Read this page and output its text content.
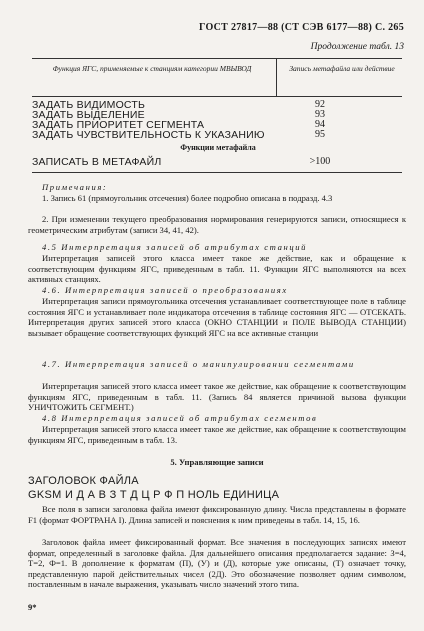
ГОСТ 27817—88 (СТ СЭВ 6177—88) С. 265
Продолжение табл. 13
Функция ЯГС, применяемые к станциям категории МВЫВОД	Запись метафайла или действие
ЗАДАТЬ ВИДИМОСТЬ	92
ЗАДАТЬ ВЫДЕЛЕНИЕ	93
ЗАДАТЬ ПРИОРИТЕТ СЕГМЕНТА	94
ЗАДАТЬ ЧУВСТВИТЕЛЬНОСТЬ К УКАЗАНИЮ	95
Функции метафайла
ЗАПИСАТЬ В МЕТАФАЙЛ	>100
Примечания:
1. Запись 61 (прямоугольник отсечения) более подробно описана в подразд. 4.3
2. При изменении текущего преобразования нормирования генерируются записи, относящиеся к геометрическим атрибутам (записи 34, 41, 42).
4.5 Интерпретация записей об атрибутах станций
Интерпретация записей этого класса имеет такое же действие, как и обращение к соответствующим функциям ЯГС, приведенным в табл. 11. Функции ЯГС выполняются на всех активных станциях.
4.6. Интерпретация записей о преобразованиях
Интерпретация записи прямоугольника отсечения устанавливает соответствующее поле в таблице состояния ЯГС и устанавливает поле индикатора отсечения в таблице состояния ЯГС — ОТСЕКАТЬ. Интерпретация других записей этого класса (ОКНО СТАНЦИИ и ПОЛЕ ВЫВОДА СТАНЦИИ) вызывает обращение соответствующих функций ЯГС на все активные станции
4.7. Интерпретация записей о манипулировании сегментами
Интерпретация записей этого класса имеет такое же действие, как обращение к соответствующим функциям ЯГС, приведенным в табл. 11. (Запись 84 является причиной вызова функции УНИЧТОЖИТЬ СЕГМЕНТ.)
4.8 Интерпретация записей об атрибутах сегментов
Интерпретация записей этого класса имеет такое же действие, как обращение к соответствующим функциям ЯГС, приведенным в табл. 13.
5. Управляющие записи
ЗАГОЛОВОК ФАЙЛА
GKSM И Д А В З Т Д Ц Р Ф П НОЛЬ ЕДИНИЦА
Все поля в записи заголовка файла имеют фиксированную длину. Числа представлены в формате F1 (формат ФОРТРАНА I). Длина записей и пояснения к ним приведены в табл. 14, 15, 16.
Заголовок файла имеет фиксированный формат. Все значения в последующих записях имеют формат, определенный в заголовке файла. Для дальнейшего описания предполагается задание: З=4, Т=2, Ф=1. В дополнение к форматам (П), (У) и (Д), которые уже описаны, (Т) означает точку, представленную парой действительных чисел (2Д). Это обозначение позволяет одним символом, поставленным в начале выражения, указывать число значений этого типа.
9*
